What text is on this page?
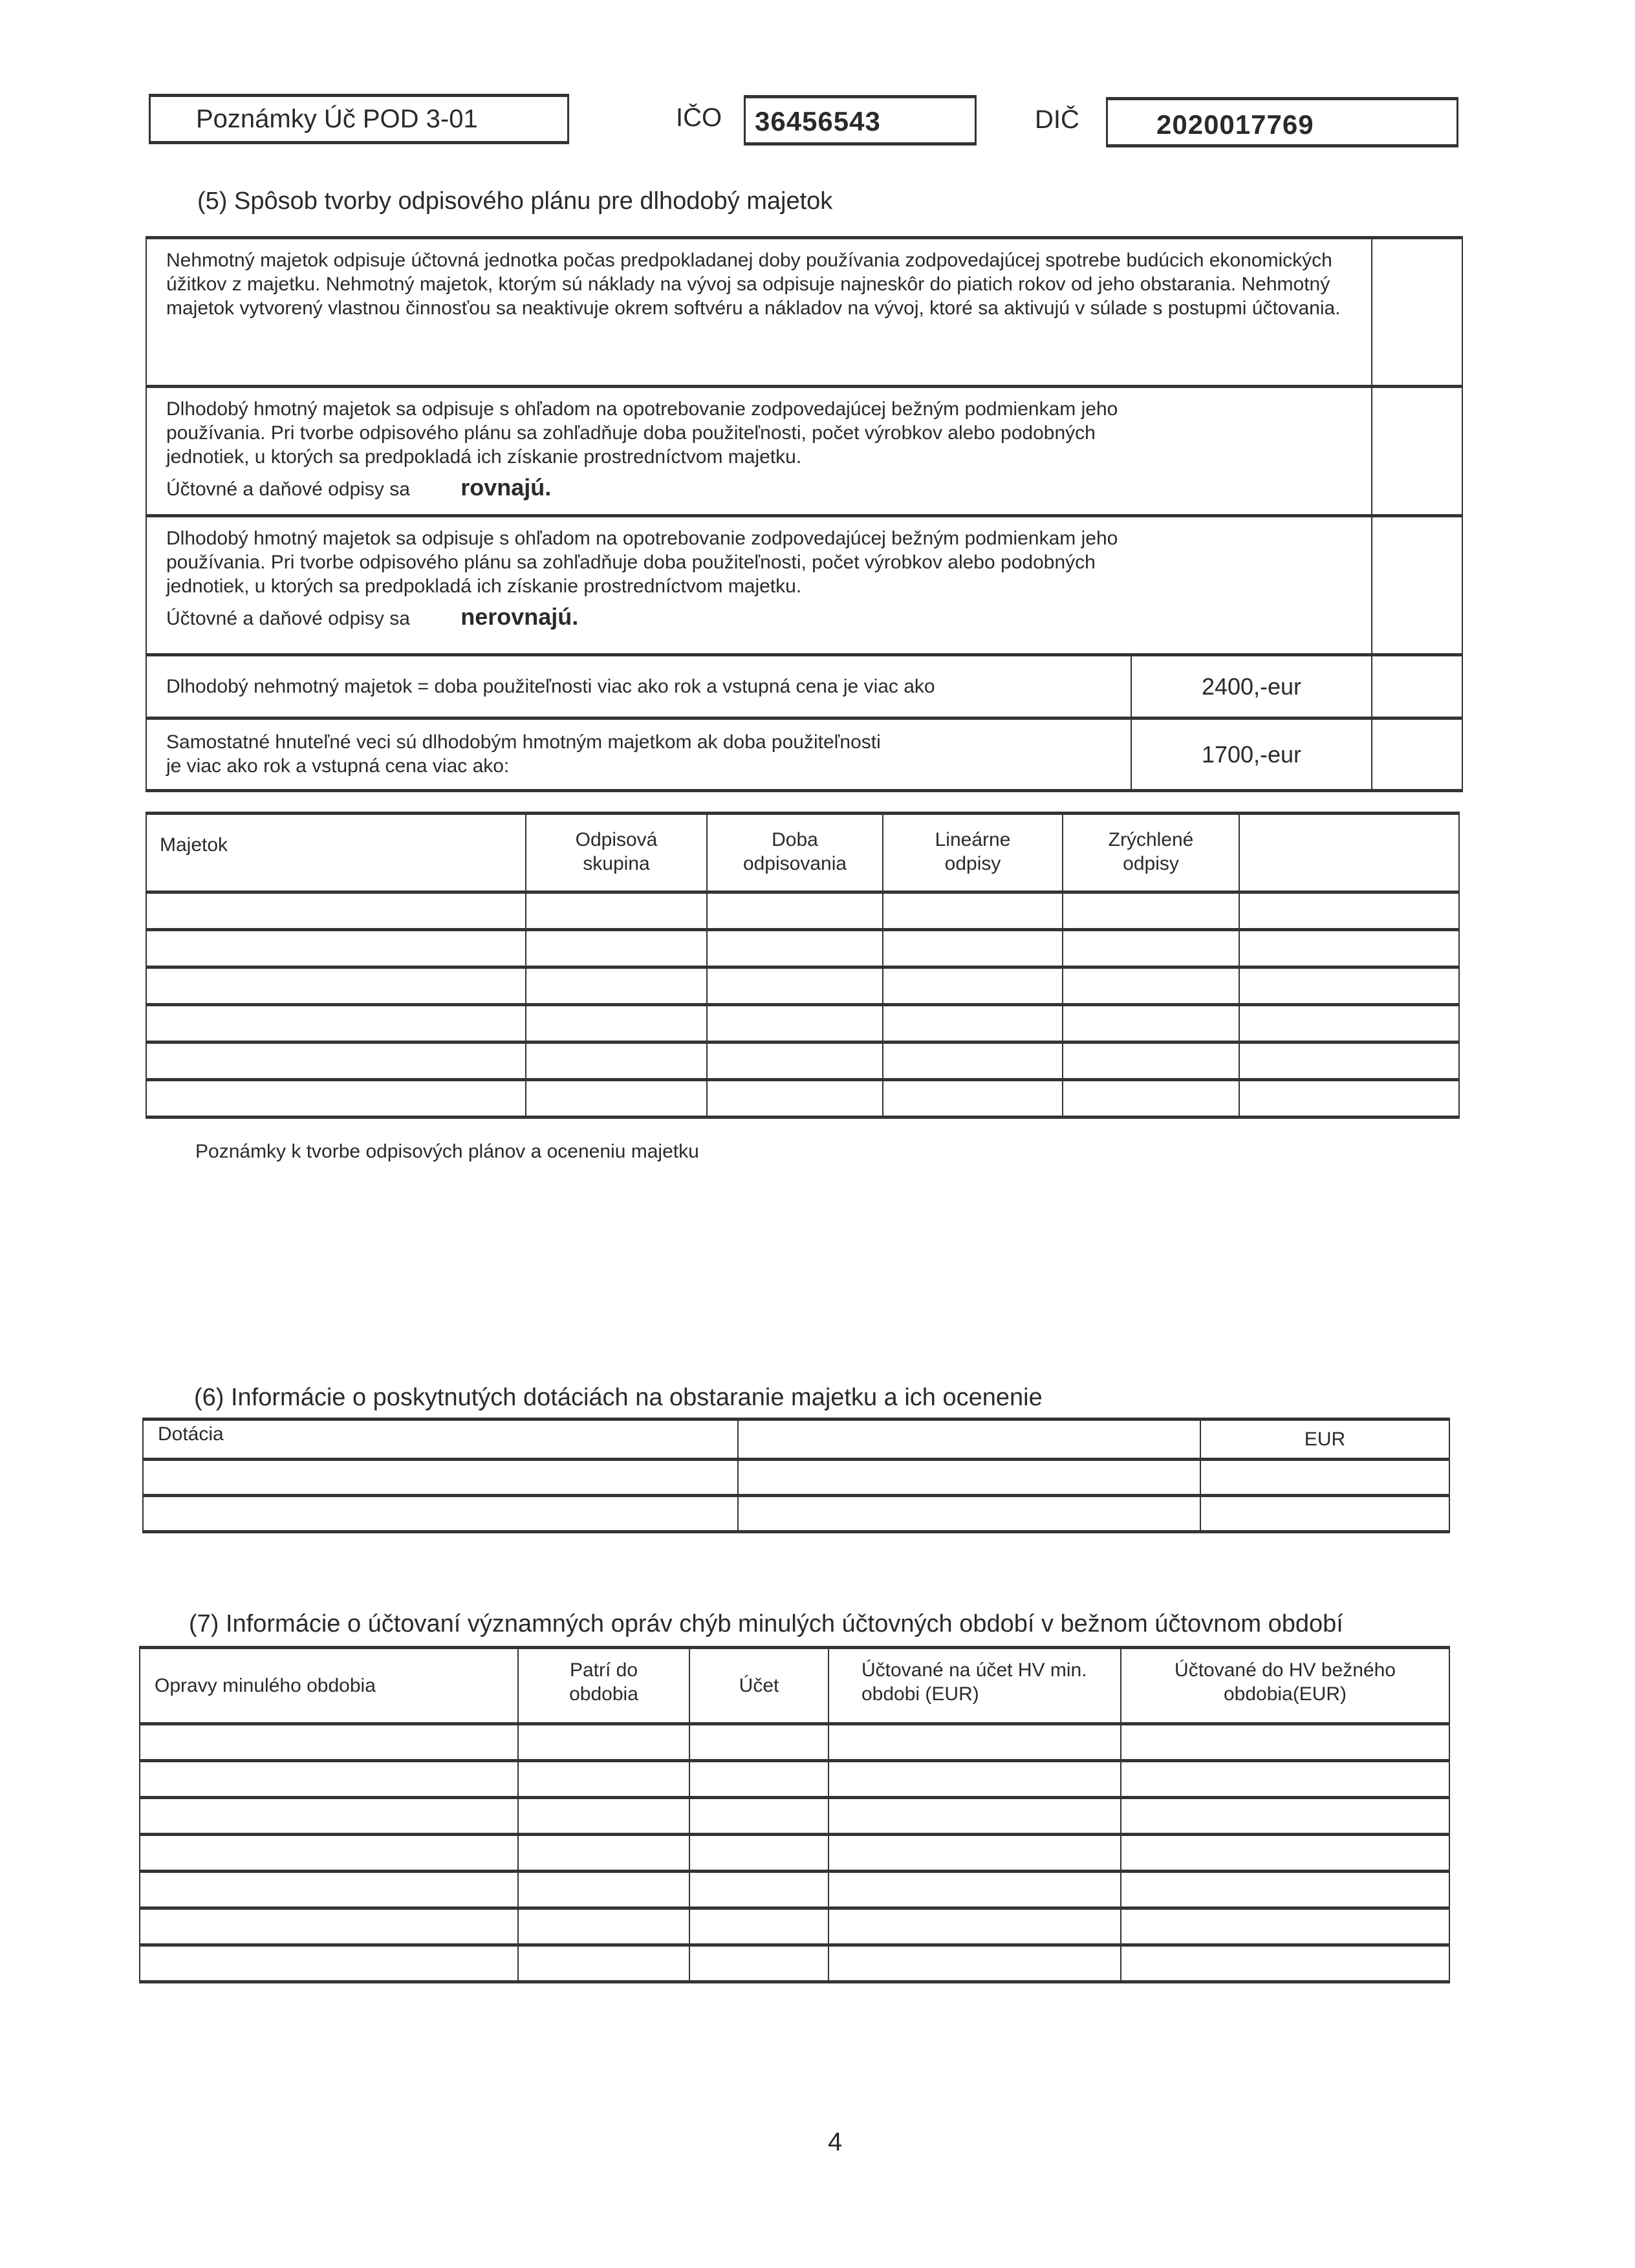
Poznámky Úč POD 3-01	IČO 36456543	DIČ	2020017769
(5) Spôsob tvorby odpisového plánu pre dlhodobý majetok
Nehmotný majetok odpisuje účtovná jednotka počas predpokladanej doby používania zodpovedajúcej spotrebe budúcich ekonomických úžitkov z majetku. Nehmotný majetok, ktorým sú náklady na vývoj sa odpisuje najneskôr do piatich rokov od jeho obstarania. Nehmotný majetok vytvorený vlastnou činnosťou sa neaktivuje okrem softvéru a nákladov na vývoj, ktoré sa aktivujú v súlade s postupmi účtovania.		

Dlhodobý hmotný majetok sa odpisuje s ohľadom na opotrebovanie zodpovedajúcej bežným podmienkam jeho používania. Pri tvorbe odpisového plánu sa zohľadňuje doba použiteľnosti, počet výrobkov alebo podobných jednotiek, u ktorých sa predpokladá ich získanie prostredníctvom majetku.
Účtovné a daňové odpisy sa rovnajú.		

Dlhodobý hmotný majetok sa odpisuje s ohľadom na opotrebovanie zodpovedajúcej bežným podmienkam jeho používania. Pri tvorbe odpisového plánu sa zohľadňuje doba použiteľnosti, počet výrobkov alebo podobných jednotiek, u ktorých sa predpokladá ich získanie prostredníctvom majetku.
Účtovné a daňové odpisy sa nerovnajú.		

Dlhodobý nehmotný majetok = doba použiteľnosti viac ako rok a vstupná cena je viac ako	2400,-eur	

Samostatné hnuteľné veci sú dlhodobým hmotným majetkom ak doba použiteľnosti
je viac ako rok a vstupná cena viac ako:	1700,-eur	
Majetok	Odpisová skupina	Doba odpisovania	Lineárne odpisy	Zrýchlené odpisy	

Poznámky k tvorbe odpisových plánov a oceneniu majetku
(6) Informácie o poskytnutých dotáciách na obstaranie majetku a ich ocenenie
Dotácia		EUR

(7) Informácie o účtovaní významných opráv chýb minulých účtovných období v bežnom účtovnom období
Opravy minulého obdobia	Patrí do obdobia	Účet	Účtované na účet HV min. obdobi (EUR)	Účtované do HV bežného obdobia(EUR)

4
